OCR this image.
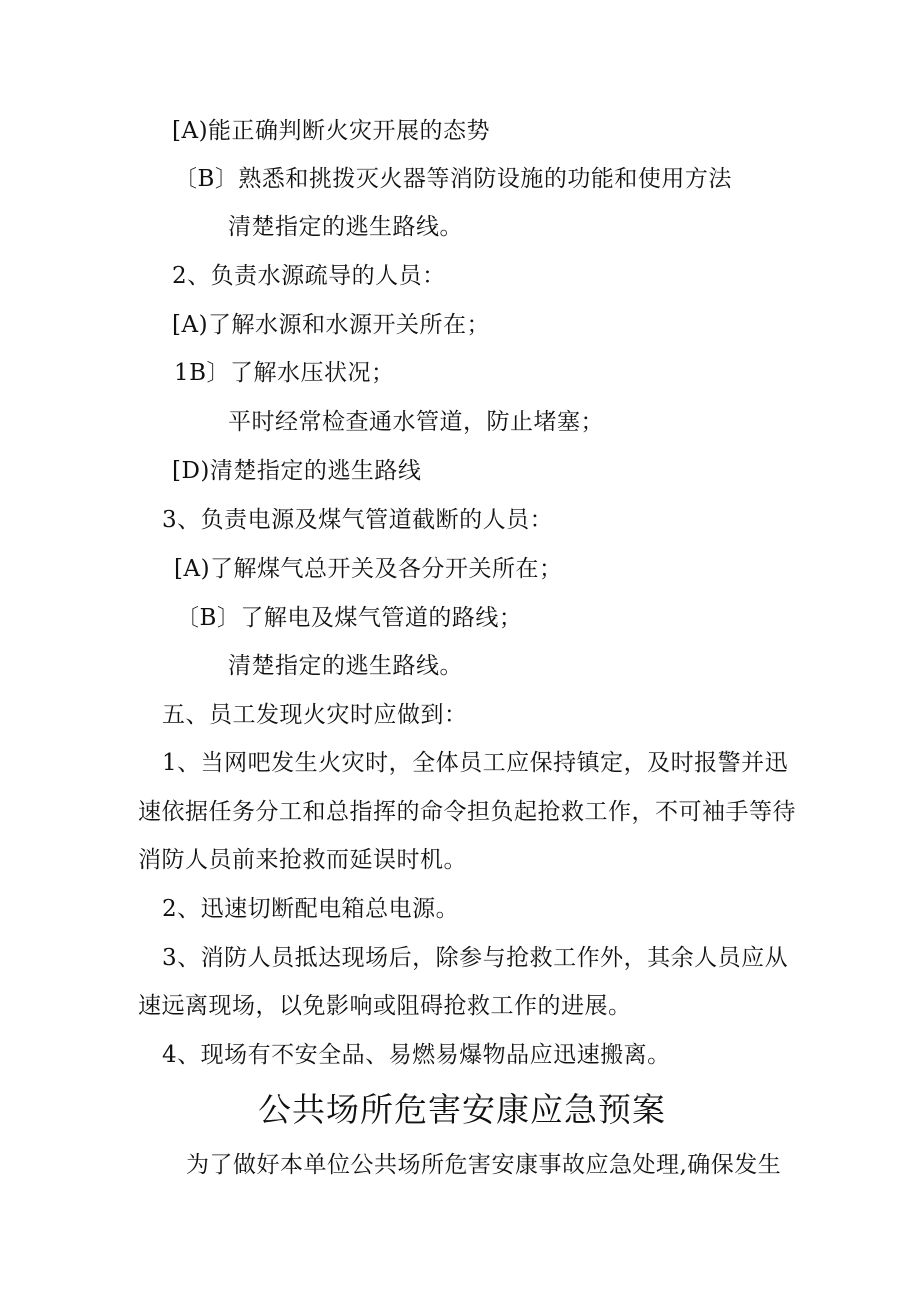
[A)能正确判断火灾开展的态势
〔B〕熟悉和挑拨灭火器等消防设施的功能和使用方法
清楚指定的逃生路线。
2、负责水源疏导的人员：
[A)了解水源和水源开关所在；
1B〕了解水压状况；
平时经常检查通水管道，防止堵塞；
[D)清楚指定的逃生路线
3、负责电源及煤气管道截断的人员：
[A)了解煤气总开关及各分开关所在；
〔B〕了解电及煤气管道的路线；
清楚指定的逃生路线。
五、员工发现火灾时应做到：
1、当网吧发生火灾时，全体员工应保持镇定，及时报警并迅
速依据任务分工和总指挥的命令担负起抢救工作，不可袖手等待
消防人员前来抢救而延误时机。
2、迅速切断配电箱总电源。
3、消防人员抵达现场后，除参与抢救工作外，其余人员应从
速远离现场，以免影响或阻碍抢救工作的进展。
4、现场有不安全品、易燃易爆物品应迅速搬离。
公共场所危害安康应急预案
为了做好本单位公共场所危害安康事故应急处理,确保发生
